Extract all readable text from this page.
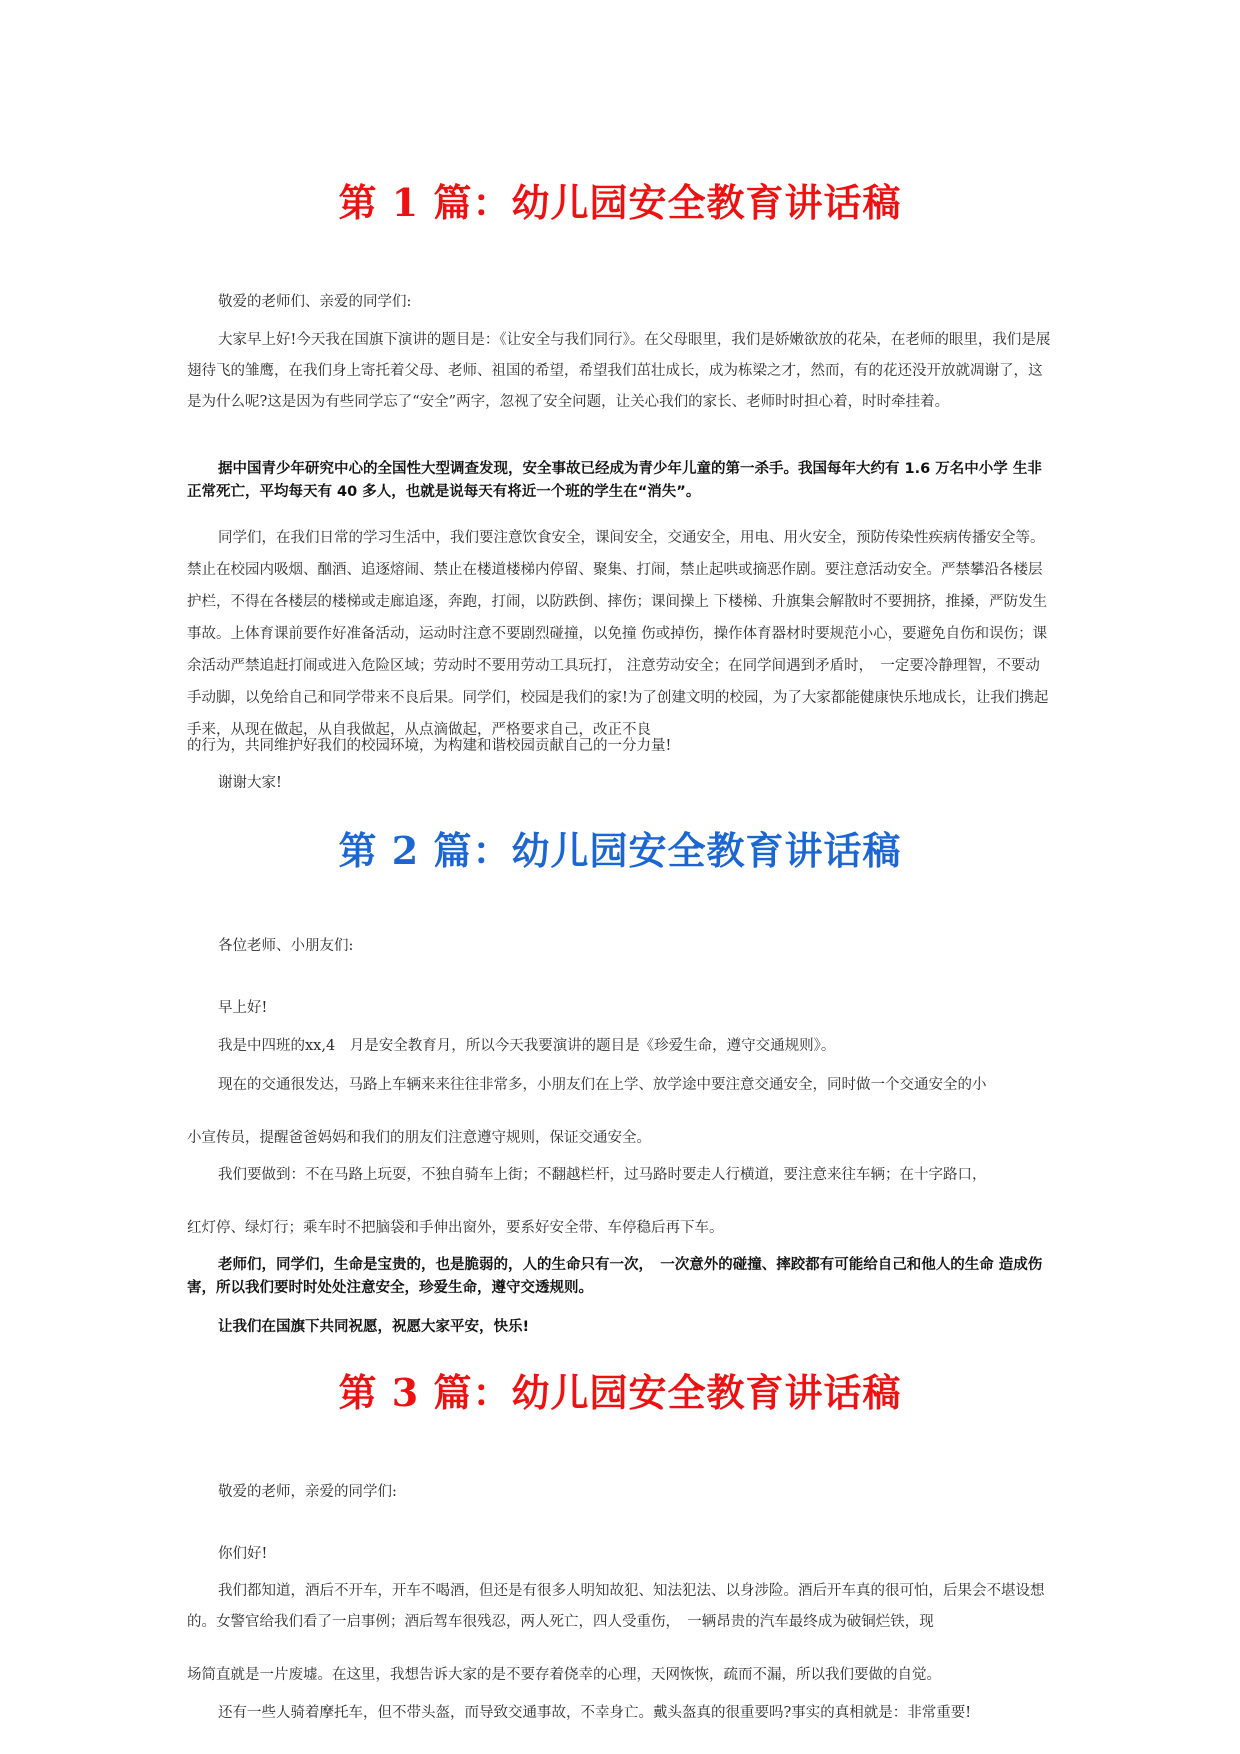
第 1 篇：幼儿园安全教育讲话稿
敬爱的老师们、亲爱的同学们:

大家早上好!今天我在国旗下演讲的题目是：《让安全与我们同行》。在父母眼里，我们是娇嫩欲放的花朵，在老师的眼里，我们是展翅待飞的雏鹰，在我们身上寄托着父母、老师、祖国的希望，希望我们茁壮成长，成为栋梁之才，然而，有的花还没开放就凋谢了，这是为什么呢?这是因为有些同学忘了“安全”两字，忽视了安全问题，让关心我们的家长、老师时时担心着，时时牵挂着。

据中国青少年研究中心的全国性大型调查发现，安全事故已经成为青少年儿童的第一杀手。我国每年大约有 1.6 万名中小学 生非正常死亡，平均每天有 40 多人，也就是说每天有将近一个班的学生在“消失”。

同学们，在我们日常的学习生活中，我们要注意饮食安全，课间安全，交通安全，用电、用火安全，预防传染性疾病传播安全等。禁止在校园内吸烟、酗酒、追逐熔闹、禁止在楼道楼梯内停留、聚集、打闹，禁止起哄或摘恶作剧。要注意活动安全。严禁攀沿各楼层护栏，不得在各楼层的楼梯或走廊追逐，奔跑，打闹，以防跌倒、摔伤；课间操上 下楼梯、升旗集会解散时不要拥挤，推搡，严防发生事故。上体育课前要作好准备活动，运动时注意不要剧烈碰撞，以免撞 伤或掉伤，操作体育器材时要规范小心，要避免自伤和误伤；课余活动严禁追赶打闹或进入危险区域；劳动时不要用劳动工具玩打， 注意劳动安全；在同学间遇到矛盾时，　一定要冷静理智，不要动手动脚，以免给自己和同学带来不良后果。同学们，校园是我们的家!为了创建文明的校园，为了大家都能健康快乐地成长，让我们携起手来，从现在做起，从自我做起，从点滴做起，严格要求自己，改正不良

的行为，共同维护好我们的校园环境，为构建和谐校园贡献自己的一分力量!
谢谢大家!
第 2 篇：幼儿园安全教育讲话稿
各位老师、小朋友们:
早上好!
我是中四班的xx,4　月是安全教育月，所以今天我要演讲的题目是《珍爱生命，遵守交通规则》。
现在的交通很发达，马路上车辆来来往往非常多，小朋友们在上学、放学途中要注意交通安全，同时做一个交通安全的小
小宣传员，提醒爸爸妈妈和我们的朋友们注意遵守规则，保证交通安全。
我们要做到：不在马路上玩耍，不独自骑车上街；不翻越栏杆，过马路时要走人行横道，要注意来往车辆；在十字路口，
红灯停、绿灯行；乘车时不把脑袋和手伸出窗外，要系好安全带、车停稳后再下车。

老师们，同学们，生命是宝贵的，也是脆弱的，人的生命只有一次，　一次意外的碰撞、摔跤都有可能给自己和他人的生命 造成伤害，所以我们要时时处处注意安全，珍爱生命，遵守交透规则。

让我们在国旗下共同祝愿，祝愿大家平安，快乐!

第 3 篇：幼儿园安全教育讲话稿
敬爱的老师，亲爱的同学们:
你们好!

我们都知道，酒后不开车，开车不喝酒，但还是有很多人明知故犯、知法犯法、以身涉险。酒后开车真的很可怕，后果会不堪设想的。女警官给我们看了一启事例；酒后驾车很残忍，两人死亡，四人受重伤，　一辆昂贵的汽车最终成为破铜烂铁，现

场简直就是一片废墟。在这里，我想告诉大家的是不要存着侥幸的心理，天网恢恢，疏而不漏，所以我们要做的自觉。
还有一些人骑着摩托车，但不带头盔，而导致交通事故，不幸身亡。戴头盔真的很重要吗?事实的真相就是：非常重要!
